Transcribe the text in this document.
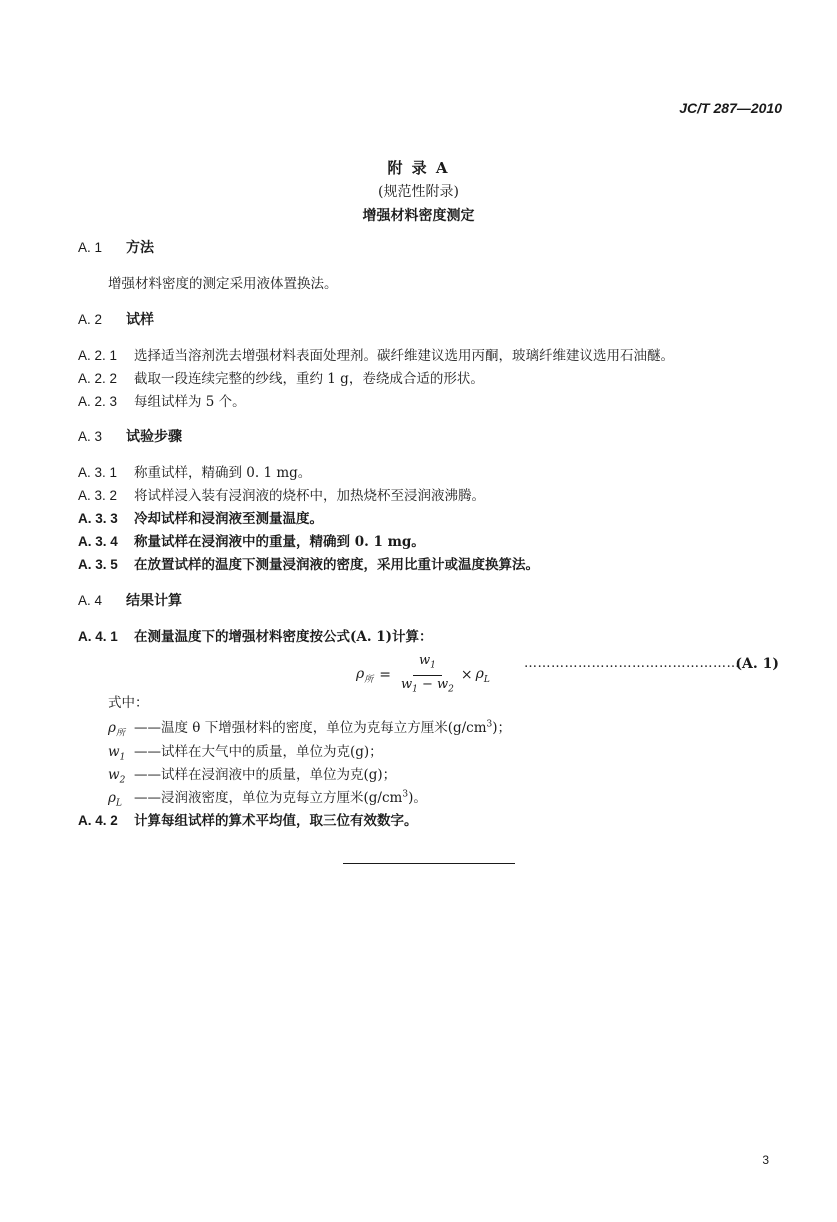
JC/T 287—2010
附 录 A
(规范性附录)
增强材料密度测定
A. 1 方法
增强材料密度的测定采用液体置换法。
A. 2 试样
A. 2. 1 选择适当溶剂洗去增强材料表面处理剂。碳纤维建议选用丙酮，玻璃纤维建议选用石油醚。
A. 2. 2 截取一段连续完整的纱线，重约 1 g，卷绕成合适的形状。
A. 2. 3 每组试样为 5 个。
A. 3 试验步骤
A. 3. 1 称重试样，精确到 0. 1 mg。
A. 3. 2 将试样浸入装有浸润液的烧杯中，加热烧杯至浸润液沸腾。
A. 3. 3 冷却试样和浸润液至测量温度。
A. 3. 4 称量试样在浸润液中的重量，精确到 0. 1 mg。
A. 3. 5 在放置试样的温度下测量浸润液的密度，采用比重计或温度换算法。
A. 4 结果计算
A. 4. 1 在测量温度下的增强材料密度按公式(A. 1)计算：
$\rho_所 = \frac{w_1}{w_1 - w_2} \times \rho_L$
…………………………………………
(A. 1)
式中：
$\rho_所$ ——温度 θ 下增强材料的密度，单位为克每立方厘米$(g/cm^3)$；
$w_1$ ——试样在大气中的质量，单位为克(g)；
$w_2$ ——试样在浸润液中的质量，单位为克(g)；
$\rho_L$ ——浸润液密度，单位为克每立方厘米$(g/cm^3)$。
A. 4. 2 计算每组试样的算术平均值，取三位有效数字。
3
